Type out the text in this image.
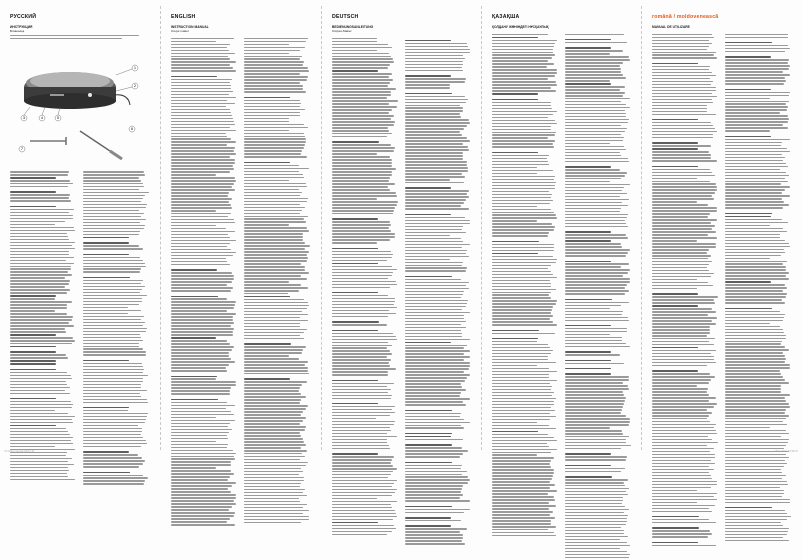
РУССКИЙ
ИНСТРУКЦИЯ
Блинница
1
2
3	4	5
6
7
VT-2222 manual.indd 2-11
ENGLISH
INSTRUCTION MANUAL
Crepe maker
DEUTSCH
BEDIENUNGSANLEITUNG
Crêpes-Maker
ҚАЗАҚША
ҚОЛДАНУ ЖӨНІНДЕГІ НҰСҚАУЛЫҚ
română / moldovenească
MANUAL DE UTILIZARE
18.11.2021 15:38:47
